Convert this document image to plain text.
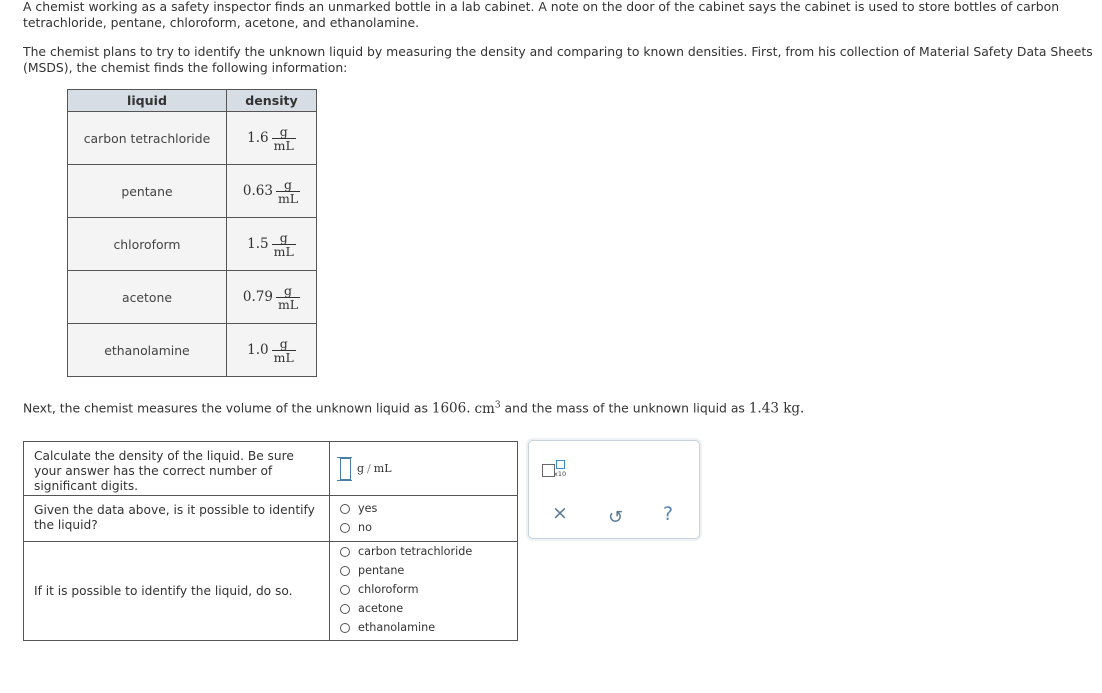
A chemist working as a safety inspector finds an unmarked bottle in a lab cabinet. A note on the door of the cabinet says the cabinet is used to store bottles of carbon tetrachloride, pentane, chloroform, acetone, and ethanolamine.
The chemist plans to try to identify the unknown liquid by measuring the density and comparing to known densities. First, from his collection of Material Safety Data Sheets (MSDS), the chemist finds the following information:
liquid	density
carbon tetrachloride	$1.6 \frac{g}{mL}$

pentane	$0.63 \frac{g}{mL}$

chloroform	$1.5 \frac{g}{mL}$

acetone	$0.79 \frac{g}{mL}$

ethanolamine	$1.0 \frac{g}{mL}$
Next, the chemist measures the volume of the unknown liquid as 1606. $cm^3$ and the mass of the unknown liquid as 1.43 kg.
Calculate the density of the liquid. Be sure your answer has the correct number of significant digits.	g / mL

Given the data above, is it possible to identify the liquid?	yes
no

If it is possible to identify the liquid, do so.	carbon tetrachloride
pentane
chloroform
acetone
ethanolamine
x10
× ↺ ?
